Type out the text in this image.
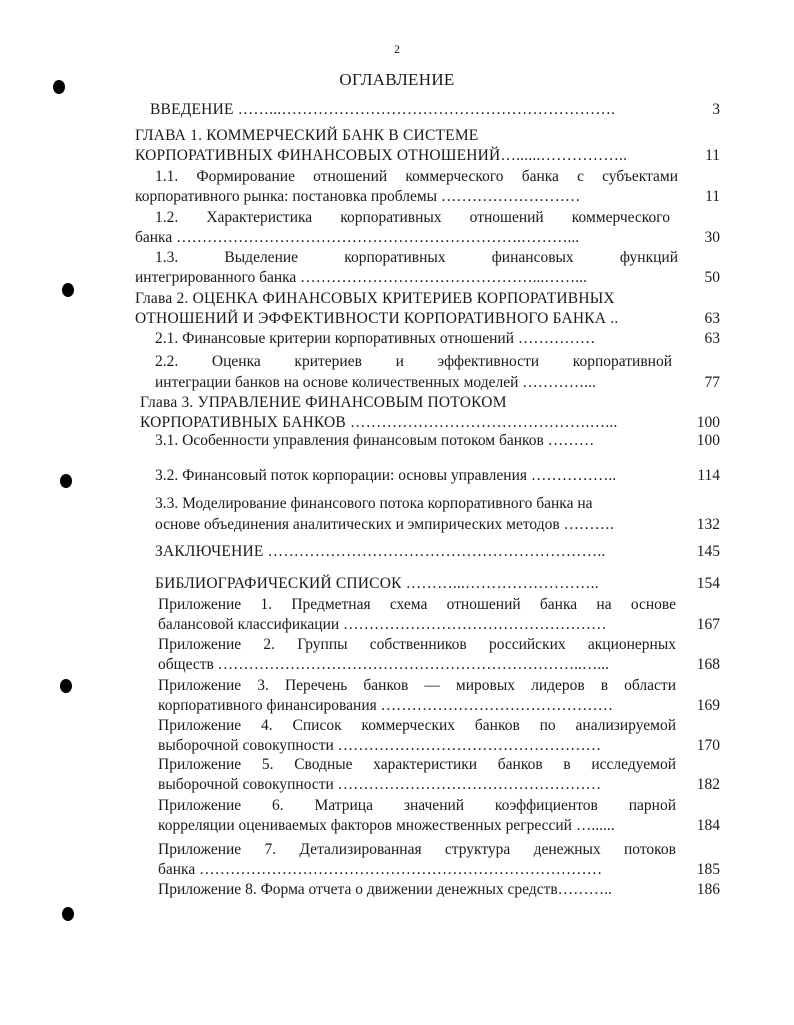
2
ОГЛАВЛЕНИЕ
ВВЕДЕНИЕ ……...……………………………………………………….	3
ГЛАВА 1. КОММЕРЧЕСКИЙ БАНК В СИСТЕМЕ
КОРПОРАТИВНЫХ ФИНАНСОВЫХ ОТНОШЕНИЙ…......……………..	11
1.1. Формирование отношений коммерческого банка с субъектами
корпоративного рынка: постановка проблемы ………………………	11
1.2. Характеристика корпоративных отношений коммерческого
банка ………………………………………………………….………...	30
1.3. Выделение корпоративных финансовых функций
интегрированного банка ………………………………………...……...	50
Глава 2. ОЦЕНКА ФИНАНСОВЫХ КРИТЕРИЕВ КОРПОРАТИВНЫХ
ОТНОШЕНИЙ И ЭФФЕКТИВНОСТИ КОРПОРАТИВНОГО БАНКА ..	63
2.1. Финансовые критерии корпоративных отношений ……………	63
2.2. Оценка критериев и эффективности корпоративной
интеграции банков на основе количественных моделей …………...	77
Глава 3. УПРАВЛЕНИЕ ФИНАНСОВЫМ ПОТОКОМ
КОРПОРАТИВНЫХ БАНКОВ ……………………………………….…...	100
3.1. Особенности управления финансовым потоком банков ………	100
3.2. Финансовый поток корпорации: основы управления ……………..	114
3.3. Моделирование финансового потока корпоративного банка на
основе объединения аналитических и эмпирических методов ……….	132
ЗАКЛЮЧЕНИЕ ………………………………………………………..	145
БИБЛИОГРАФИЧЕСКИЙ СПИСОК ………...……………………..	154
Приложение 1. Предметная схема отношений банка на основе
балансовой классификации ……………………………………………	167
Приложение 2. Группы собственников российских акционерных
обществ ……………………………………………………………..…...	168
Приложение 3. Перечень банков — мировых лидеров в области
корпоративного финансирования ………………………………………	169
Приложение 4. Список коммерческих банков по анализируемой
выборочной совокупности ……………………………………………	170
Приложение 5. Сводные характеристики банков в исследуемой
выборочной совокупности ……………………………………………	182
Приложение 6. Матрица значений коэффициентов парной
корреляции оцениваемых факторов множественных регрессий …......	184
Приложение 7. Детализированная структура денежных потоков
банка ……………………………………………………………………	185
Приложение 8. Форма отчета о движении денежных средств………..	186
